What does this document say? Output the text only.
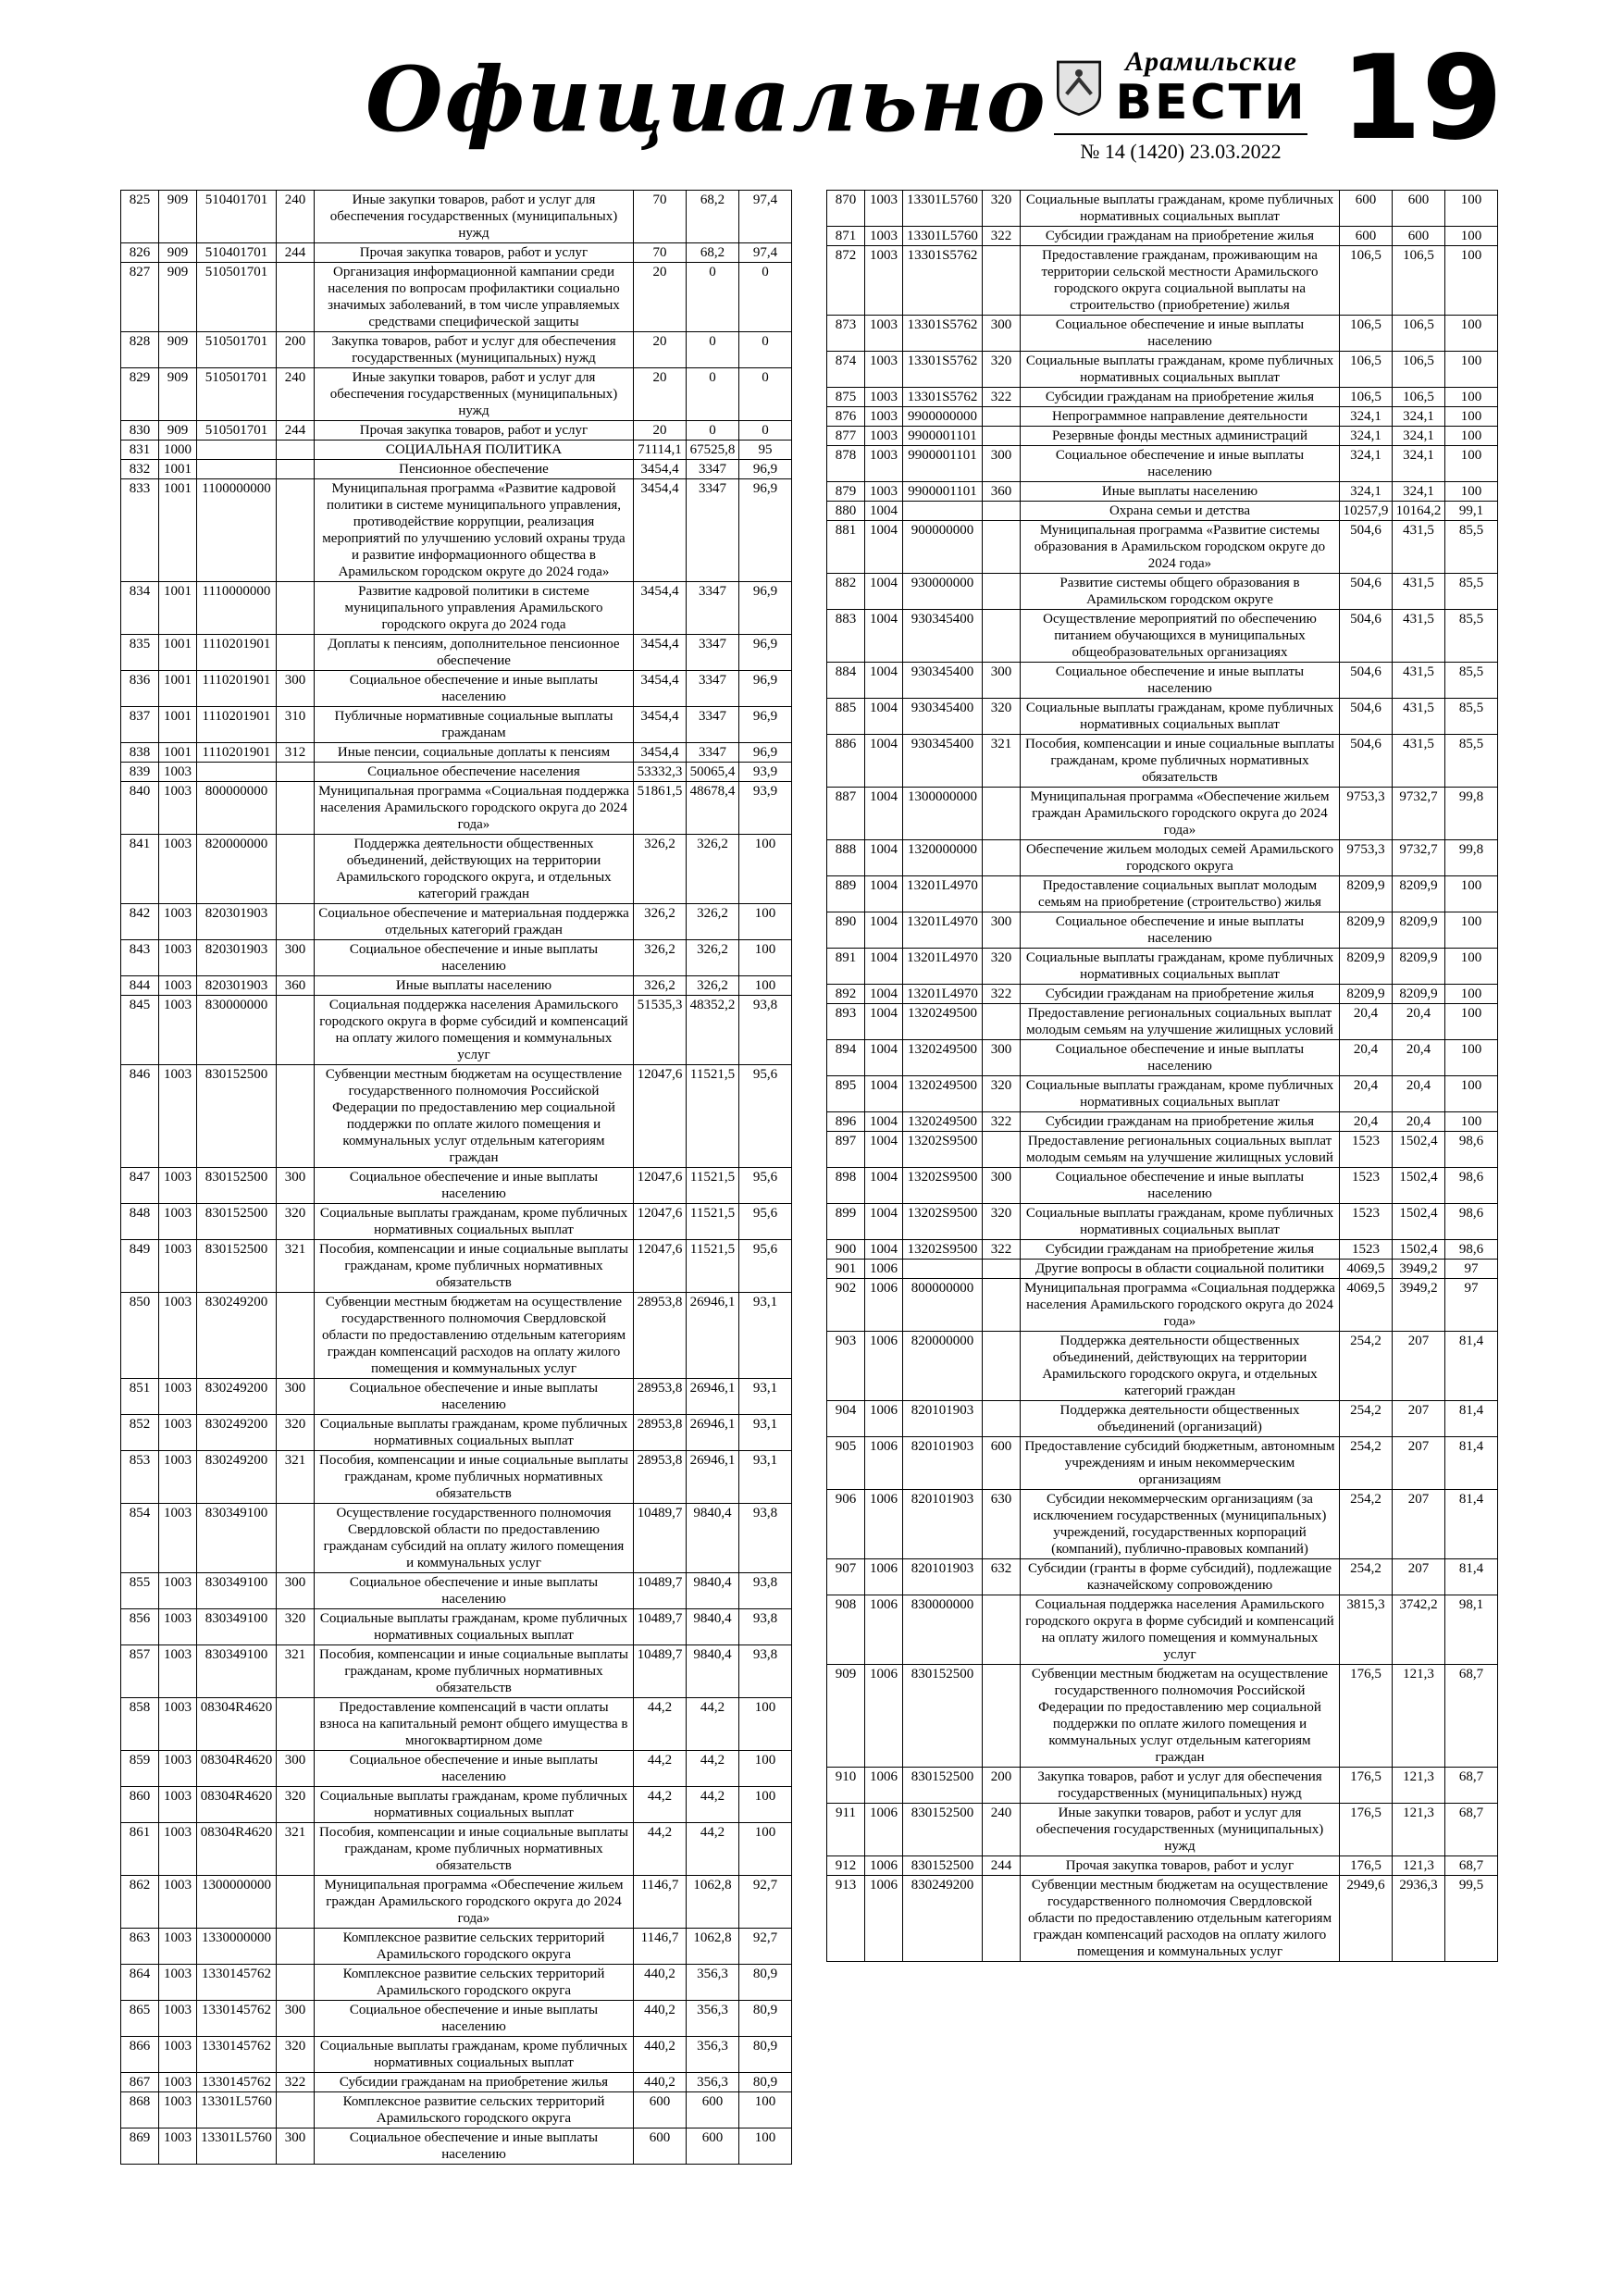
Официально	Арамильские
ВЕСТИ
№ 14 (1420) 23.03.2022 19
825	909	510401701	240	Иные закупки товаров, работ и услуг для обеспечения государственных (муниципальных) нужд	70	68,2	97,4
826	909	510401701	244	Прочая закупка товаров, работ и услуг	70	68,2	97,4
827	909	510501701		Организация информационной кампании среди населения по вопросам профилактики социально значимых заболеваний, в том числе управляемых средствами специфической защиты	20	0	0
828	909	510501701	200	Закупка товаров, работ и услуг для обеспечения государственных (муниципальных) нужд	20	0	0
829	909	510501701	240	Иные закупки товаров, работ и услуг для обеспечения государственных (муниципальных) нужд	20	0	0
830	909	510501701	244	Прочая закупка товаров, работ и услуг	20	0	0
831	1000			СОЦИАЛЬНАЯ ПОЛИТИКА	71114,1	67525,8	95
832	1001			Пенсионное обеспечение	3454,4	3347	96,9
833	1001	1100000000		Муниципальная программа «Развитие кадровой политики в системе муниципального управления, противодействие коррупции, реализация мероприятий по улучшению условий охраны труда и развитие информационного общества в Арамильском городском округе до 2024 года»	3454,4	3347	96,9
834	1001	1110000000		Развитие кадровой политики в системе муниципального управления Арамильского городского округа до 2024 года	3454,4	3347	96,9
835	1001	1110201901		Доплаты к пенсиям, дополнительное пенсионное обеспечение	3454,4	3347	96,9
836	1001	1110201901	300	Социальное обеспечение и иные выплаты населению	3454,4	3347	96,9
837	1001	1110201901	310	Публичные нормативные социальные выплаты гражданам	3454,4	3347	96,9
838	1001	1110201901	312	Иные пенсии, социальные доплаты к пенсиям	3454,4	3347	96,9
839	1003			Социальное обеспечение населения	53332,3	50065,4	93,9
840	1003	800000000		Муниципальная программа «Социальная поддержка населения Арамильского городского округа до 2024 года»	51861,5	48678,4	93,9
841	1003	820000000		Поддержка деятельности общественных объединений, действующих на территории Арамильского городского округа, и отдельных категорий граждан	326,2	326,2	100
842	1003	820301903		Социальное обеспечение и материальная поддержка отдельных категорий граждан	326,2	326,2	100
843	1003	820301903	300	Социальное обеспечение и иные выплаты населению	326,2	326,2	100
844	1003	820301903	360	Иные выплаты населению	326,2	326,2	100
845	1003	830000000		Социальная поддержка населения Арамильского городского округа в форме субсидий и компенсаций на оплату жилого помещения и коммунальных услуг	51535,3	48352,2	93,8
846	1003	830152500		Субвенции местным бюджетам на осуществление государственного полномочия Российской Федерации по предоставлению мер социальной поддержки по оплате жилого помещения и коммунальных услуг отдельным категориям граждан	12047,6	11521,5	95,6
847	1003	830152500	300	Социальное обеспечение и иные выплаты населению	12047,6	11521,5	95,6
848	1003	830152500	320	Социальные выплаты гражданам, кроме публичных нормативных социальных выплат	12047,6	11521,5	95,6
849	1003	830152500	321	Пособия, компенсации и иные социальные выплаты гражданам, кроме публичных нормативных обязательств	12047,6	11521,5	95,6
850	1003	830249200		Субвенции местным бюджетам на осуществление государственного полномочия Свердловской области по предоставлению отдельным категориям граждан компенсаций расходов на оплату жилого помещения и коммунальных услуг	28953,8	26946,1	93,1
851	1003	830249200	300	Социальное обеспечение и иные выплаты населению	28953,8	26946,1	93,1
852	1003	830249200	320	Социальные выплаты гражданам, кроме публичных нормативных социальных выплат	28953,8	26946,1	93,1
853	1003	830249200	321	Пособия, компенсации и иные социальные выплаты гражданам, кроме публичных нормативных обязательств	28953,8	26946,1	93,1
854	1003	830349100		Осуществление государственного полномочия Свердловской области по предоставлению гражданам субсидий на оплату жилого помещения и коммунальных услуг	10489,7	9840,4	93,8
855	1003	830349100	300	Социальное обеспечение и иные выплаты населению	10489,7	9840,4	93,8
856	1003	830349100	320	Социальные выплаты гражданам, кроме публичных нормативных социальных выплат	10489,7	9840,4	93,8
857	1003	830349100	321	Пособия, компенсации и иные социальные выплаты гражданам, кроме публичных нормативных обязательств	10489,7	9840,4	93,8
858	1003	08304R4620		Предоставление компенсаций в части оплаты взноса на капитальный ремонт общего имущества в многоквартирном доме	44,2	44,2	100
859	1003	08304R4620	300	Социальное обеспечение и иные выплаты населению	44,2	44,2	100
860	1003	08304R4620	320	Социальные выплаты гражданам, кроме публичных нормативных социальных выплат	44,2	44,2	100
861	1003	08304R4620	321	Пособия, компенсации и иные социальные выплаты гражданам, кроме публичных нормативных обязательств	44,2	44,2	100
862	1003	1300000000		Муниципальная программа «Обеспечение жильем граждан Арамильского городского округа до 2024 года»	1146,7	1062,8	92,7
863	1003	1330000000		Комплексное развитие сельских территорий Арамильского городского округа	1146,7	1062,8	92,7
864	1003	1330145762		Комплексное развитие сельских территорий Арамильского городского округа	440,2	356,3	80,9
865	1003	1330145762	300	Социальное обеспечение и иные выплаты населению	440,2	356,3	80,9
866	1003	1330145762	320	Социальные выплаты гражданам, кроме публичных нормативных социальных выплат	440,2	356,3	80,9
867	1003	1330145762	322	Субсидии гражданам на приобретение жилья	440,2	356,3	80,9
868	1003	13301L5760		Комплексное развитие сельских территорий Арамильского городского округа	600	600	100
869	1003	13301L5760	300	Социальное обеспечение и иные выплаты населению	600	600	100
870	1003	13301L5760	320	Социальные выплаты гражданам, кроме публичных нормативных социальных выплат	600	600	100
871	1003	13301L5760	322	Субсидии гражданам на приобретение жилья	600	600	100
872	1003	13301S5762		Предоставление гражданам, проживающим на территории сельской местности Арамильского городского округа социальной выплаты на строительство (приобретение) жилья	106,5	106,5	100
873	1003	13301S5762	300	Социальное обеспечение и иные выплаты населению	106,5	106,5	100
874	1003	13301S5762	320	Социальные выплаты гражданам, кроме публичных нормативных социальных выплат	106,5	106,5	100
875	1003	13301S5762	322	Субсидии гражданам на приобретение жилья	106,5	106,5	100
876	1003	9900000000		Непрограммное направление деятельности	324,1	324,1	100
877	1003	9900001101		Резервные фонды местных администраций	324,1	324,1	100
878	1003	9900001101	300	Социальное обеспечение и иные выплаты населению	324,1	324,1	100
879	1003	9900001101	360	Иные выплаты населению	324,1	324,1	100
880	1004			Охрана семьи и детства	10257,9	10164,2	99,1
881	1004	900000000		Муниципальная программа «Развитие системы образования в Арамильском городском округе до 2024 года»	504,6	431,5	85,5
882	1004	930000000		Развитие системы общего образования в Арамильском городском округе	504,6	431,5	85,5
883	1004	930345400		Осуществление мероприятий по обеспечению питанием обучающихся в муниципальных общеобразовательных организациях	504,6	431,5	85,5
884	1004	930345400	300	Социальное обеспечение и иные выплаты населению	504,6	431,5	85,5
885	1004	930345400	320	Социальные выплаты гражданам, кроме публичных нормативных социальных выплат	504,6	431,5	85,5
886	1004	930345400	321	Пособия, компенсации и иные социальные выплаты гражданам, кроме публичных нормативных обязательств	504,6	431,5	85,5
887	1004	1300000000		Муниципальная программа «Обеспечение жильем граждан Арамильского городского округа до 2024 года»	9753,3	9732,7	99,8
888	1004	1320000000		Обеспечение жильем молодых семей Арамильского городского округа	9753,3	9732,7	99,8
889	1004	13201L4970		Предоставление социальных выплат молодым семьям на приобретение (строительство) жилья	8209,9	8209,9	100
890	1004	13201L4970	300	Социальное обеспечение и иные выплаты населению	8209,9	8209,9	100
891	1004	13201L4970	320	Социальные выплаты гражданам, кроме публичных нормативных социальных выплат	8209,9	8209,9	100
892	1004	13201L4970	322	Субсидии гражданам на приобретение жилья	8209,9	8209,9	100
893	1004	1320249500		Предоставление региональных социальных выплат молодым семьям на улучшение жилищных условий	20,4	20,4	100
894	1004	1320249500	300	Социальное обеспечение и иные выплаты населению	20,4	20,4	100
895	1004	1320249500	320	Социальные выплаты гражданам, кроме публичных нормативных социальных выплат	20,4	20,4	100
896	1004	1320249500	322	Субсидии гражданам на приобретение жилья	20,4	20,4	100
897	1004	13202S9500		Предоставление региональных социальных выплат молодым семьям на улучшение жилищных условий	1523	1502,4	98,6
898	1004	13202S9500	300	Социальное обеспечение и иные выплаты населению	1523	1502,4	98,6
899	1004	13202S9500	320	Социальные выплаты гражданам, кроме публичных нормативных социальных выплат	1523	1502,4	98,6
900	1004	13202S9500	322	Субсидии гражданам на приобретение жилья	1523	1502,4	98,6
901	1006			Другие вопросы в области социальной политики	4069,5	3949,2	97
902	1006	800000000		Муниципальная программа «Социальная поддержка населения Арамильского городского округа до 2024 года»	4069,5	3949,2	97
903	1006	820000000		Поддержка деятельности общественных объединений, действующих на территории Арамильского городского округа, и отдельных категорий граждан	254,2	207	81,4
904	1006	820101903		Поддержка деятельности общественных объединений (организаций)	254,2	207	81,4
905	1006	820101903	600	Предоставление субсидий бюджетным, автономным учреждениям и иным некоммерческим организациям	254,2	207	81,4
906	1006	820101903	630	Субсидии некоммерческим организациям (за исключением государственных (муниципальных) учреждений, государственных корпораций (компаний), публично-правовых компаний)	254,2	207	81,4
907	1006	820101903	632	Субсидии (гранты в форме субсидий), подлежащие казначейскому сопровождению	254,2	207	81,4
908	1006	830000000		Социальная поддержка населения Арамильского городского округа в форме субсидий и компенсаций на оплату жилого помещения и коммунальных услуг	3815,3	3742,2	98,1
909	1006	830152500		Субвенции местным бюджетам на осуществление государственного полномочия Российской Федерации по предоставлению мер социальной поддержки по оплате жилого помещения и коммунальных услуг отдельным категориям граждан	176,5	121,3	68,7
910	1006	830152500	200	Закупка товаров, работ и услуг для обеспечения государственных (муниципальных) нужд	176,5	121,3	68,7
911	1006	830152500	240	Иные закупки товаров, работ и услуг для обеспечения государственных (муниципальных) нужд	176,5	121,3	68,7
912	1006	830152500	244	Прочая закупка товаров, работ и услуг	176,5	121,3	68,7
913	1006	830249200		Субвенции местным бюджетам на осуществление государственного полномочия Свердловской области по предоставлению отдельным категориям граждан компенсаций расходов на оплату жилого помещения и коммунальных услуг	2949,6	2936,3	99,5
